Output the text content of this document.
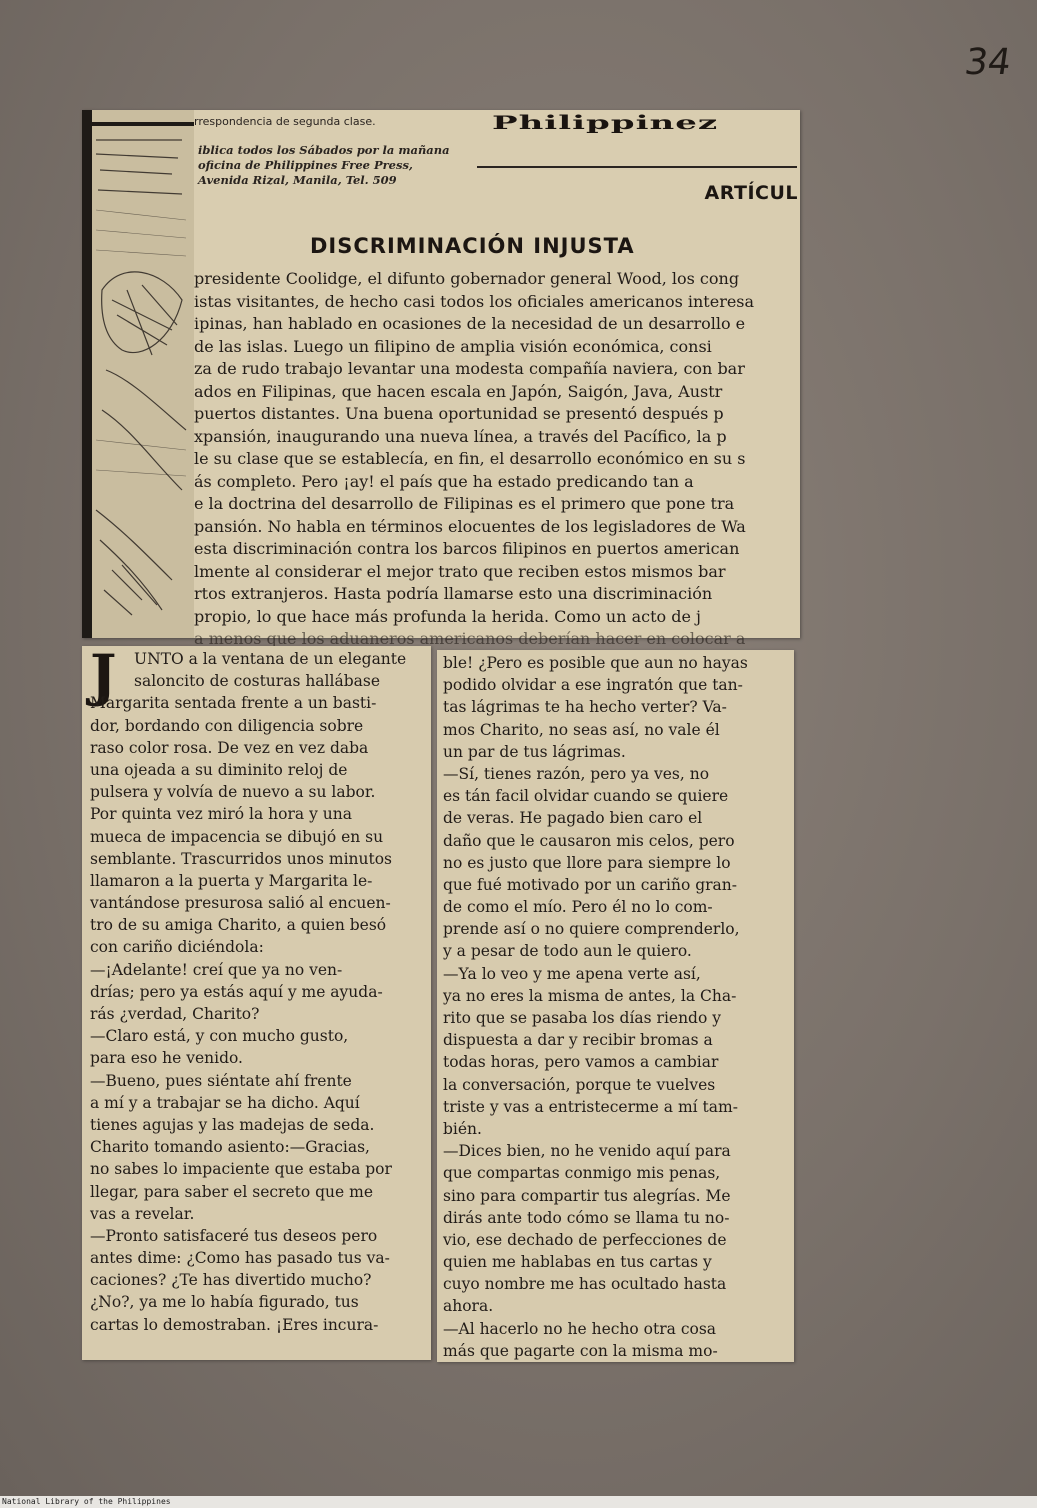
34
rrespondencia de segunda clase.
iblica todos los Sábados por la mañana
oficina de Philippines Free Press,
Avenida Rizal, Manila, Tel. 509
Philippinez
ARTÍCUL
DISCRIMINACIÓN INJUSTA
presidente Coolidge, el difunto gobernador general Wood, los cong
istas visitantes, de hecho casi todos los oficiales americanos interesa
ipinas, han hablado en ocasiones de la necesidad de un desarrollo e
de las islas. Luego un filipino de amplia visión económica, consi
za de rudo trabajo levantar una modesta compañía naviera, con bar
ados en Filipinas, que hacen escala en Japón, Saigón, Java, Austr
puertos distantes. Una buena oportunidad se presentó después p
xpansión, inaugurando una nueva línea, a través del Pacífico, la p
le su clase que se establecía, en fin, el desarrollo económico en su s
ás completo. Pero ¡ay! el país que ha estado predicando tan a
e la doctrina del desarrollo de Filipinas es el primero que pone tra
pansión. No habla en términos elocuentes de los legisladores de Wa
esta discriminación contra los barcos filipinos en puertos american
lmente al considerar el mejor trato que reciben estos mismos bar
rtos extranjeros. Hasta podría llamarse esto una discriminación
propio, lo que hace más profunda la herida. Como un acto de j
J	UNTO a la ventana de un elegante
saloncito de costuras hallábase
Margarita sentada frente a un basti-
dor, bordando con diligencia sobre
raso color rosa. De vez en vez daba
una ojeada a su diminito reloj de
pulsera y volvía de nuevo a su labor.
Por quinta vez miró la hora y una
mueca de impacencia se dibujó en su
semblante. Trascurridos unos minutos
llamaron a la puerta y Margarita le-
vantándose presurosa salió al encuen-
tro de su amiga Charito, a quien besó
con cariño diciéndola:
—¡Adelante! creí que ya no ven-
drías; pero ya estás aquí y me ayuda-
rás ¿verdad, Charito?
—Claro está, y con mucho gusto,
para eso he venido.
—Bueno, pues siéntate ahí frente
a mí y a trabajar se ha dicho. Aquí
tienes agujas y las madejas de seda.
Charito tomando asiento:—Gracias,
no sabes lo impaciente que estaba por
llegar, para saber el secreto que me
vas a revelar.
—Pronto satisfaceré tus deseos pero
antes dime: ¿Como has pasado tus va-
caciones? ¿Te has divertido mucho?
¿No?, ya me lo había figurado, tus
cartas lo demostraban. ¡Eres incura-
ble! ¿Pero es posible que aun no hayas
podido olvidar a ese ingratón que tan-
tas lágrimas te ha hecho verter? Va-
mos Charito, no seas así, no vale él
un par de tus lágrimas.
—Sí, tienes razón, pero ya ves, no
es tán facil olvidar cuando se quiere
de veras. He pagado bien caro el
daño que le causaron mis celos, pero
no es justo que llore para siempre lo
que fué motivado por un cariño gran-
de como el mío. Pero él no lo com-
prende así o no quiere comprenderlo,
y a pesar de todo aun le quiero.
—Ya lo veo y me apena verte así,
ya no eres la misma de antes, la Cha-
rito que se pasaba los días riendo y
dispuesta a dar y recibir bromas a
todas horas, pero vamos a cambiar
la conversación, porque te vuelves
triste y vas a entristecerme a mí tam-
bién.
—Dices bien, no he venido aquí para
que compartas conmigo mis penas,
sino para compartir tus alegrías. Me
dirás ante todo cómo se llama tu no-
vio, ese dechado de perfecciones de
quien me hablabas en tus cartas y
cuyo nombre me has ocultado hasta
ahora.
—Al hacerlo no he hecho otra cosa
más que pagarte con la misma mo-
National Library of the Philippines
